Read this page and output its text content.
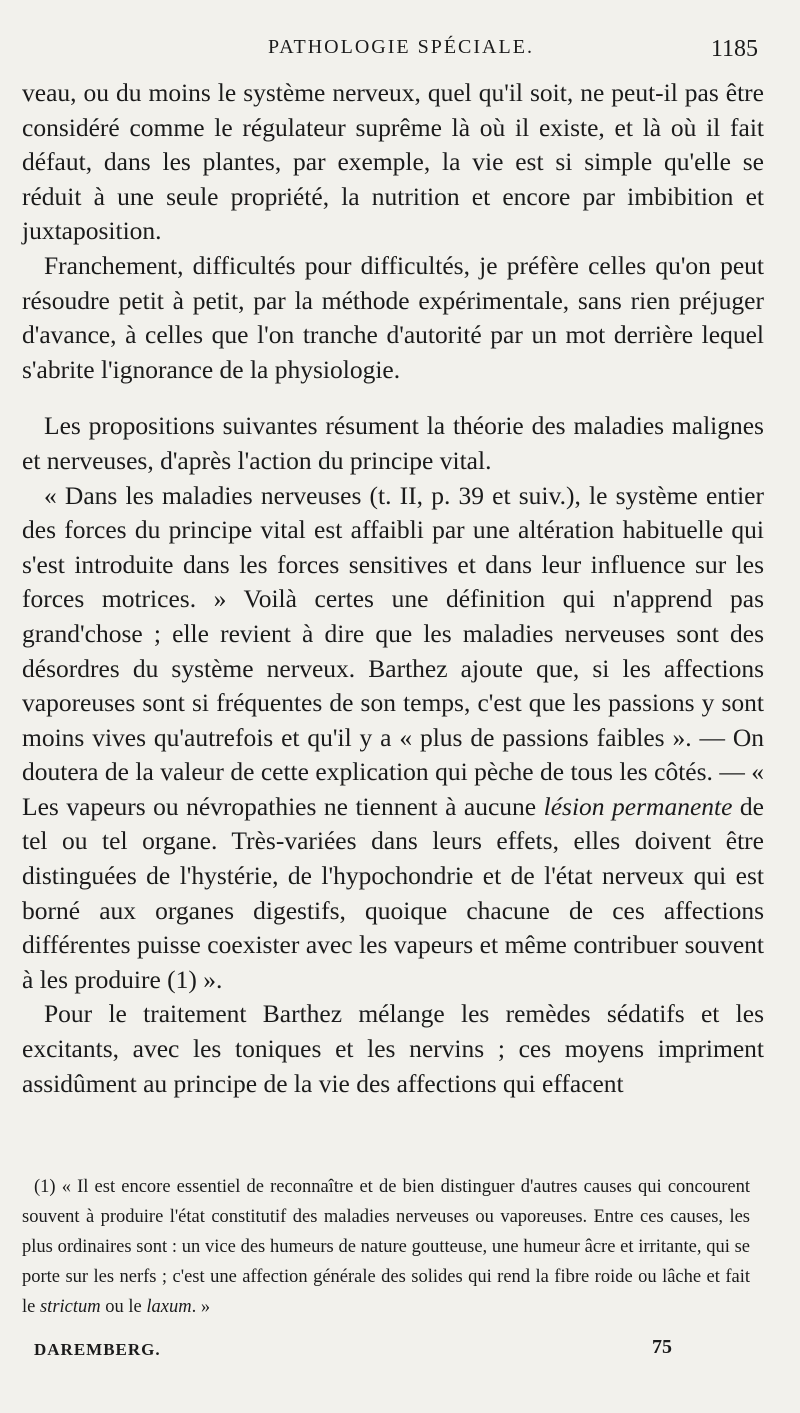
PATHOLOGIE SPÉCIALE.	1185

veau, ou du moins le système nerveux, quel qu'il soit, ne peut-il pas être considéré comme le régulateur suprême là où il existe, et là où il fait défaut, dans les plantes, par exemple, la vie est si simple qu'elle se réduit à une seule propriété, la nutrition et encore par imbibition et juxtaposition.

Franchement, difficultés pour difficultés, je préfère celles qu'on peut résoudre petit à petit, par la méthode expérimentale, sans rien préjuger d'avance, à celles que l'on tranche d'autorité par un mot derrière lequel s'abrite l'ignorance de la physiologie.

Les propositions suivantes résument la théorie des maladies malignes et nerveuses, d'après l'action du principe vital.

« Dans les maladies nerveuses (t. II, p. 39 et suiv.), le système entier des forces du principe vital est affaibli par une altération habituelle qui s'est introduite dans les forces sensitives et dans leur influence sur les forces motrices. » Voilà certes une définition qui n'apprend pas grand'chose ; elle revient à dire que les maladies nerveuses sont des désordres du système nerveux. Barthez ajoute que, si les affections vaporeuses sont si fréquentes de son temps, c'est que les passions y sont moins vives qu'autrefois et qu'il y a « plus de passions faibles ». — On doutera de la valeur de cette explication qui pèche de tous les côtés. — « Les vapeurs ou névropathies ne tiennent à aucune lésion permanente de tel ou tel organe. Très-variées dans leurs effets, elles doivent être distinguées de l'hystérie, de l'hypochondrie et de l'état nerveux qui est borné aux organes digestifs, quoique chacune de ces affections différentes puisse coexister avec les vapeurs et même contribuer souvent à les produire (1) ».

Pour le traitement Barthez mélange les remèdes sédatifs et les excitants, avec les toniques et les nervins ; ces moyens impriment assidûment au principe de la vie des affections qui effacent

(1) « Il est encore essentiel de reconnaître et de bien distinguer d'autres causes qui concourent souvent à produire l'état constitutif des maladies nerveuses ou vaporeuses. Entre ces causes, les plus ordinaires sont : un vice des humeurs de nature goutteuse, une humeur âcre et irritante, qui se porte sur les nerfs ; c'est une affection générale des solides qui rend la fibre roide ou lâche et fait le strictum ou le laxum. »

DAREMBERG.	75
